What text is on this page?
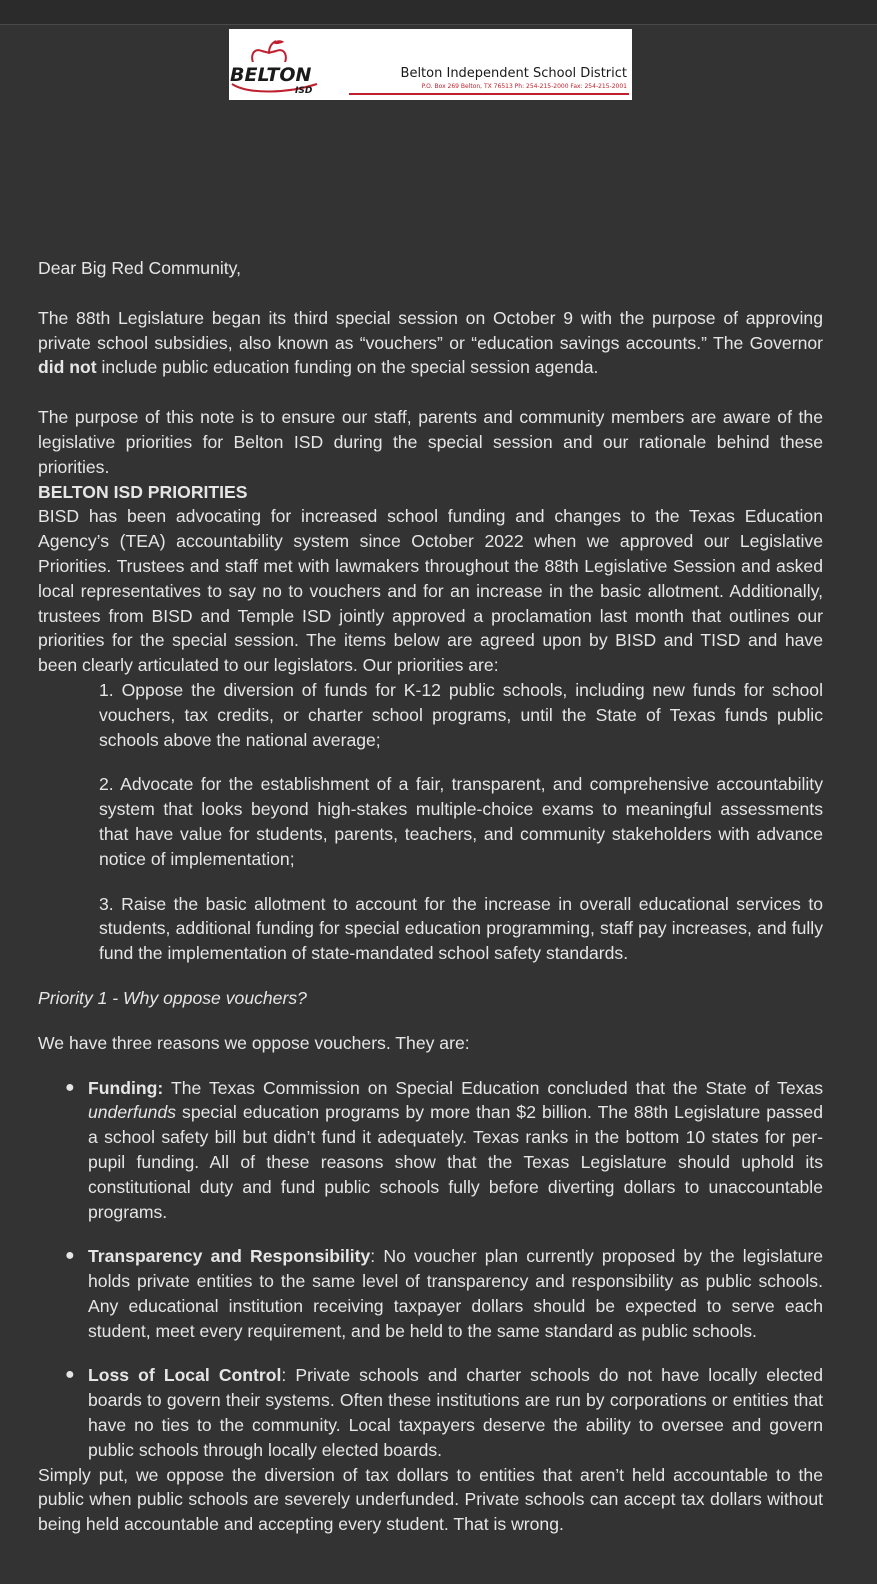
BELTON
ISD
Belton Independent School District
P.O. Box 269 Belton, TX 76513 Ph: 254-215-2000 Fax: 254-215-2001

Dear Big Red Community,

The 88th Legislature began its third special session on October 9 with the purpose of approving private school subsidies, also known as “vouchers” or “education savings accounts.” The Governor did not include public education funding on the special session agenda.

The purpose of this note is to ensure our staff, parents and community members are aware of the legislative priorities for Belton ISD during the special session and our rationale behind these priorities.

BELTON ISD PRIORITIES

BISD has been advocating for increased school funding and changes to the Texas Education Agency’s (TEA) accountability system since October 2022 when we approved our Legislative Priorities. Trustees and staff met with lawmakers throughout the 88th Legislative Session and asked local representatives to say no to vouchers and for an increase in the basic allotment. Additionally, trustees from BISD and Temple ISD jointly approved a proclamation last month that outlines our priorities for the special session. The items below are agreed upon by BISD and TISD and have been clearly articulated to our legislators. Our priorities are:

1. Oppose the diversion of funds for K-12 public schools, including new funds for school vouchers, tax credits, or charter school programs, until the State of Texas funds public schools above the national average;
2. Advocate for the establishment of a fair, transparent, and comprehensive accountability system that looks beyond high-stakes multiple-choice exams to meaningful assessments that have value for students, parents, teachers, and community stakeholders with advance notice of implementation;
3. Raise the basic allotment to account for the increase in overall educational services to students, additional funding for special education programming, staff pay increases, and fully fund the implementation of state-mandated school safety standards.

Priority 1 - Why oppose vouchers?

We have three reasons we oppose vouchers. They are:

● Funding: The Texas Commission on Special Education concluded that the State of Texas underfunds special education programs by more than $2 billion. The 88th Legislature passed a school safety bill but didn’t fund it adequately. Texas ranks in the bottom 10 states for per-pupil funding. All of these reasons show that the Texas Legislature should uphold its constitutional duty and fund public schools fully before diverting dollars to unaccountable programs.
● Transparency and Responsibility: No voucher plan currently proposed by the legislature holds private entities to the same level of transparency and responsibility as public schools. Any educational institution receiving taxpayer dollars should be expected to serve each student, meet every requirement, and be held to the same standard as public schools.
● Loss of Local Control: Private schools and charter schools do not have locally elected boards to govern their systems. Often these institutions are run by corporations or entities that have no ties to the community. Local taxpayers deserve the ability to oversee and govern public schools through locally elected boards.

Simply put, we oppose the diversion of tax dollars to entities that aren’t held accountable to the public when public schools are severely underfunded. Private schools can accept tax dollars without being held accountable and accepting every student. That is wrong.
